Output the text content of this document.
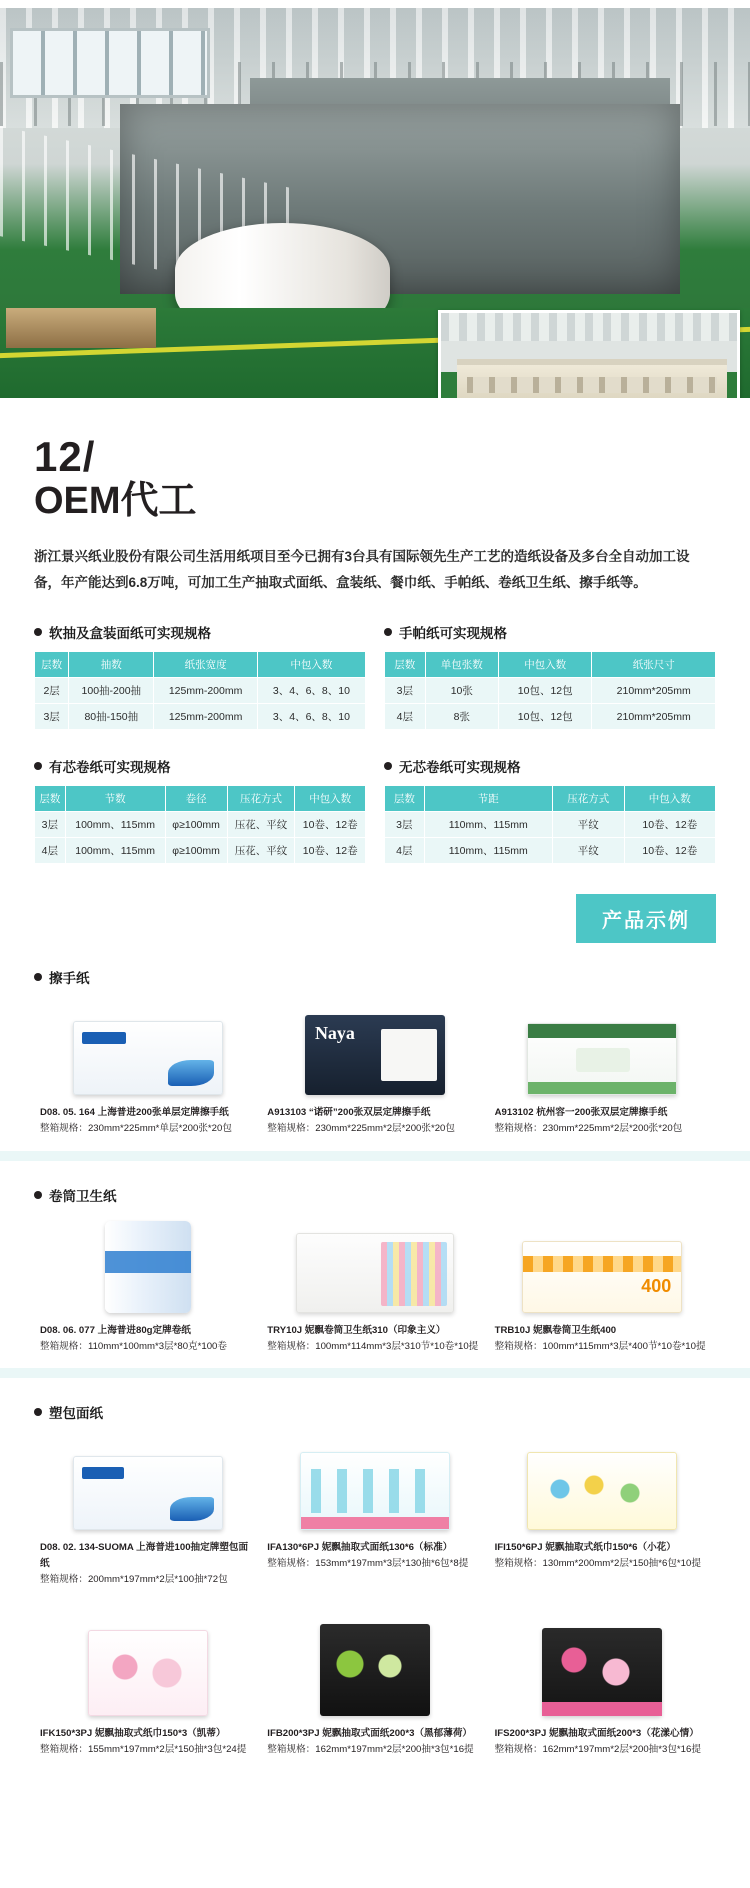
12/
OEM代工
浙江景兴纸业股份有限公司生活用纸项目至今已拥有3台具有国际领先生产工艺的造纸设备及多台全自动加工设备，年产能达到6.8万吨，可加工生产抽取式面纸、盒装纸、餐巾纸、手帕纸、卷纸卫生纸、擦手纸等。
软抽及盒装面纸可实现规格
层数	抽数	纸张宽度	中包入数
2层	100抽-200抽	125mm-200mm	3、4、6、8、10
3层	80抽-150抽	125mm-200mm	3、4、6、8、10
手帕纸可实现规格
层数	单包张数	中包入数	纸张尺寸
3层	10张	10包、12包	210mm*205mm
4层	8张	10包、12包	210mm*205mm
有芯卷纸可实现规格
层数	节数	卷径	压花方式	中包入数
3层	100mm、115mm	φ≥100mm	压花、平纹	10卷、12卷
4层	100mm、115mm	φ≥100mm	压花、平纹	10卷、12卷
无芯卷纸可实现规格
层数	节距	压花方式	中包入数
3层	110mm、115mm	平纹	10卷、12卷
4层	110mm、115mm	平纹	10卷、12卷
产品示例
擦手纸
D08. 05. 164 上海普进200张单层定牌擦手纸
整箱规格：230mm*225mm*单层*200张*20包
Naya
A913103 “诺研”200张双层定牌擦手纸
整箱规格：230mm*225mm*2层*200张*20包
A913102 杭州容一200张双层定牌擦手纸
整箱规格：230mm*225mm*2层*200张*20包
卷筒卫生纸
D08. 06. 077 上海普进80g定牌卷纸
整箱规格：110mm*100mm*3层*80克*100卷
TRY10J 妮飘卷筒卫生纸310（印象主义）
整箱规格：100mm*114mm*3层*310节*10卷*10提
400
TRB10J 妮飘卷筒卫生纸400
整箱规格：100mm*115mm*3层*400节*10卷*10提
塑包面纸
D08. 02. 134-SUOMA 上海普进100抽定牌塑包面纸
整箱规格：200mm*197mm*2层*100抽*72包
IFA130*6PJ 妮飘抽取式面纸130*6（标准）
整箱规格：153mm*197mm*3层*130抽*6包*8提
IFI150*6PJ 妮飘抽取式纸巾150*6（小花）
整箱规格：130mm*200mm*2层*150抽*6包*10提
IFK150*3PJ 妮飘抽取式纸巾150*3（凯蒂）
整箱规格：155mm*197mm*2层*150抽*3包*24提
IFB200*3PJ 妮飘抽取式面纸200*3（黑郁薄荷）
整箱规格：162mm*197mm*2层*200抽*3包*16提
IFS200*3PJ 妮飘抽取式面纸200*3（花漾心情）
整箱规格：162mm*197mm*2层*200抽*3包*16提
